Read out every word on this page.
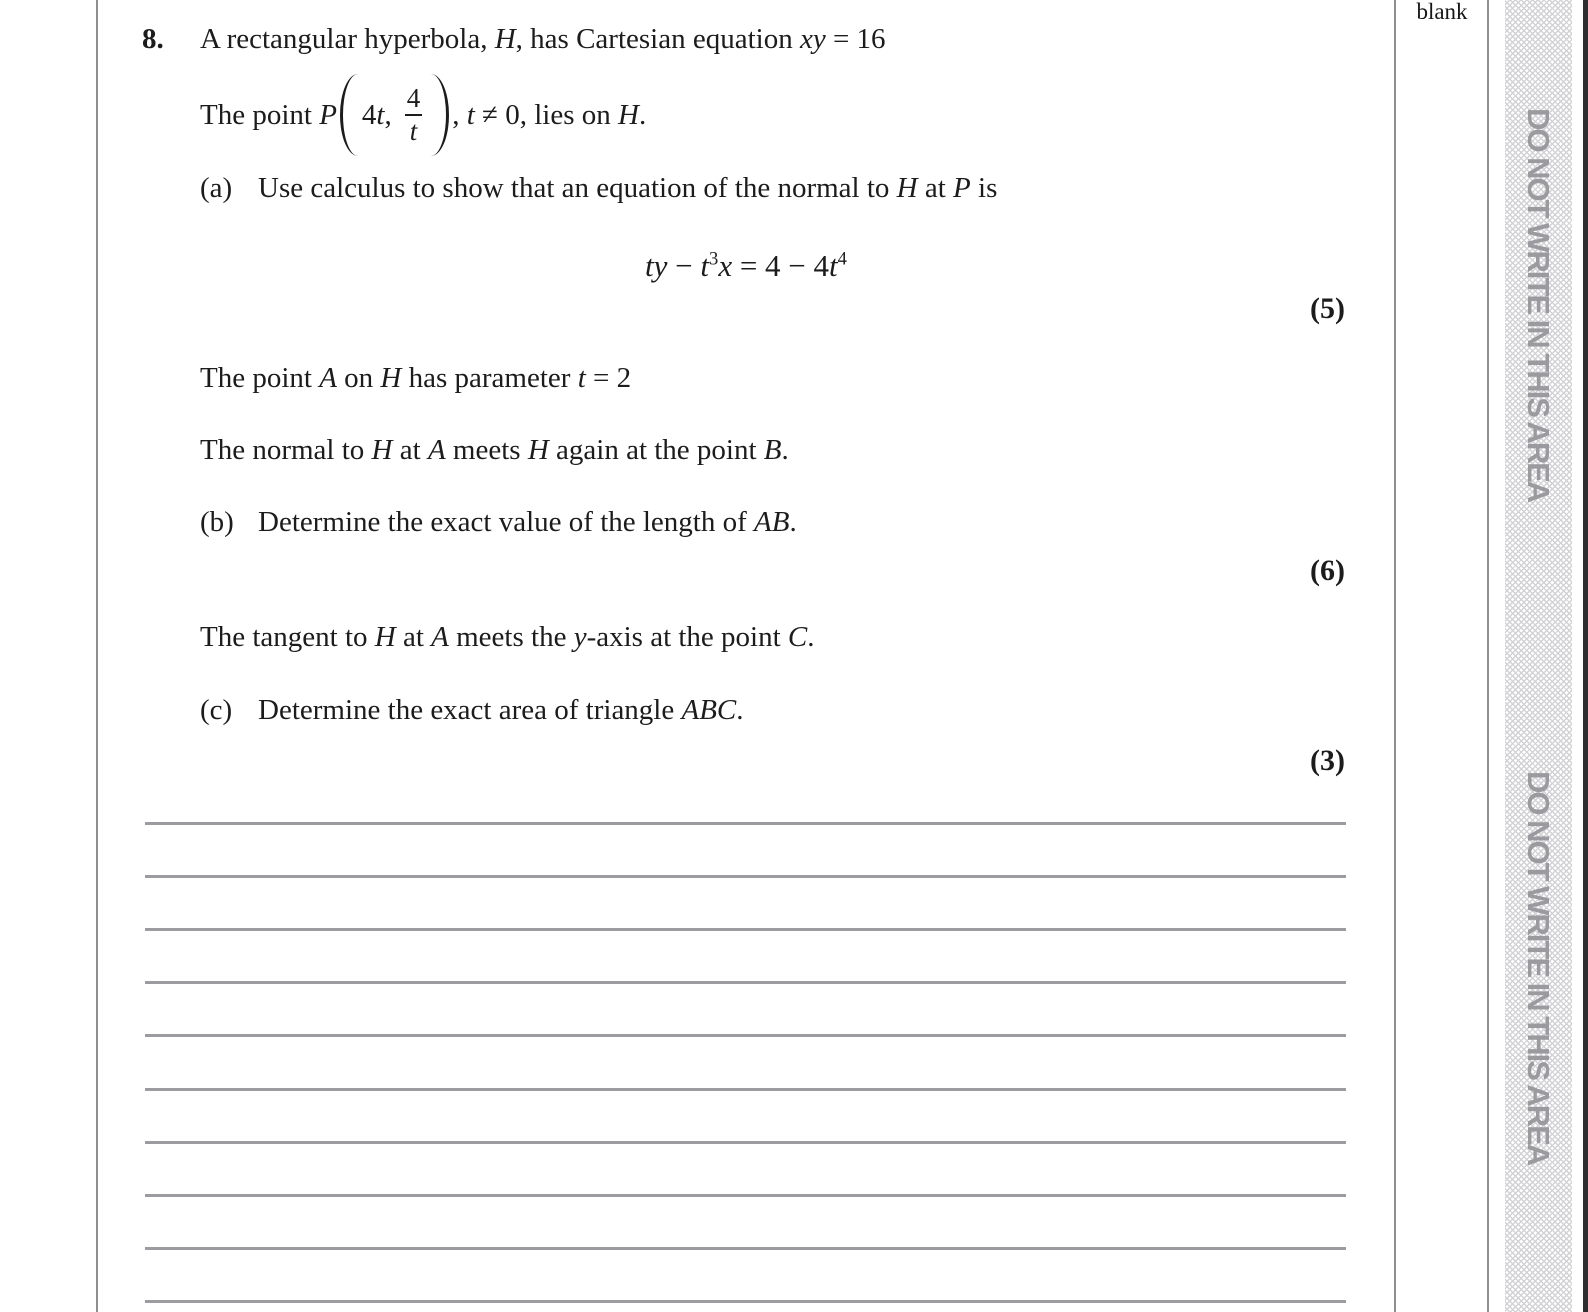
blank
DO NOT WRITE IN THIS AREA
DO NOT WRITE IN THIS AREA
8. A rectangular hyperbola, H, has Cartesian equation xy = 16
The point P 4t, $\frac{4}{t}$ , t ≠ 0, lies on H.
(a) Use calculus to show that an equation of the normal to H at P is
ty − $t^3x = 4 - 4t^4$
(5)
The point A on H has parameter t = 2
The normal to H at A meets H again at the point B.
(b) Determine the exact value of the length of AB.
(6)
The tangent to H at A meets the y-axis at the point C.
(c) Determine the exact area of triangle ABC.
(3)
